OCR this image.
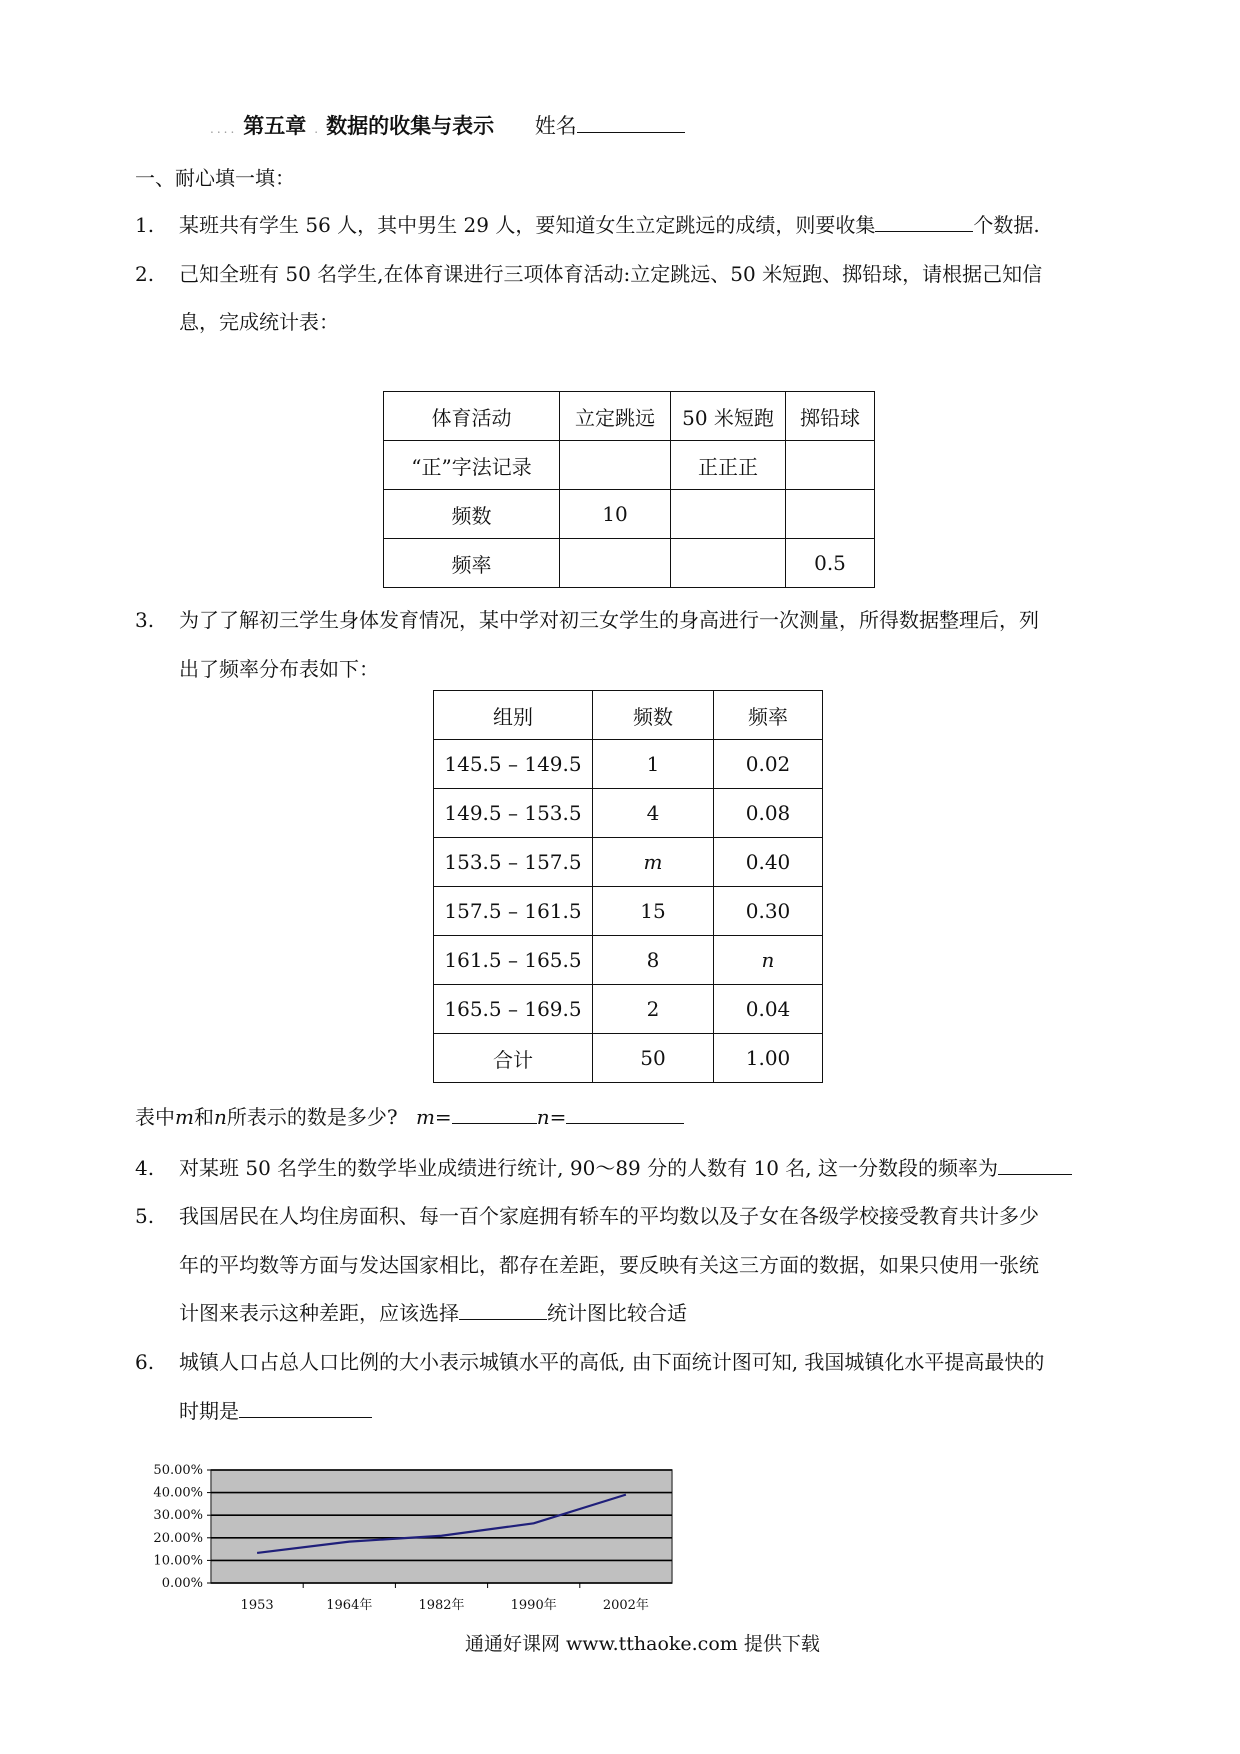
.... 第五章 . 数据的收集与表示 姓名
一、耐心填一填：
1. 某班共有学生 56 人，其中男生 29 人，要知道女生立定跳远的成绩，则要收集	个数据.
2. 己知全班有 50 名学生,在体育课进行三项体育活动:立定跳远、50 米短跑、掷铅球，请根据己知信
息，完成统计表：
体育活动	立定跳远	50 米短跑	掷铅球
“正”字法记录		正正正	
频数	10		
频率			0.5
3. 为了了解初三学生身体发育情况，某中学对初三女学生的身高进行一次测量，所得数据整理后，列
出了频率分布表如下：
组别	频数	频率
145.5 – 149.5	1	0.02
149.5 – 153.5	4	0.08
153.5 – 157.5	m	0.40
157.5 – 161.5	15	0.30
161.5 – 165.5	8	n
165.5 – 169.5	2	0.04
合计	50	1.00
表中m和n所表示的数是多少? m=	n=
4. 对某班 50 名学生的数学毕业成绩进行统计, 90～89 分的人数有 10 名, 这一分数段的频率为
5. 我国居民在人均住房面积、每一百个家庭拥有轿车的平均数以及子女在各级学校接受教育共计多少
年的平均数等方面与发达国家相比，都存在差距，要反映有关这三方面的数据，如果只使用一张统
计图来表示这种差距，应该选择	统计图比较合适
6. 城镇人口占总人口比例的大小表示城镇水平的高低, 由下面统计图可知, 我国城镇化水平提高最快的
时期是
0.00%
10.00%
20.00%
30.00%
40.00%
50.00%
1953	1964年	1982年	1990年	2002年
通通好课网 www.tthaoke.com 提供下载
